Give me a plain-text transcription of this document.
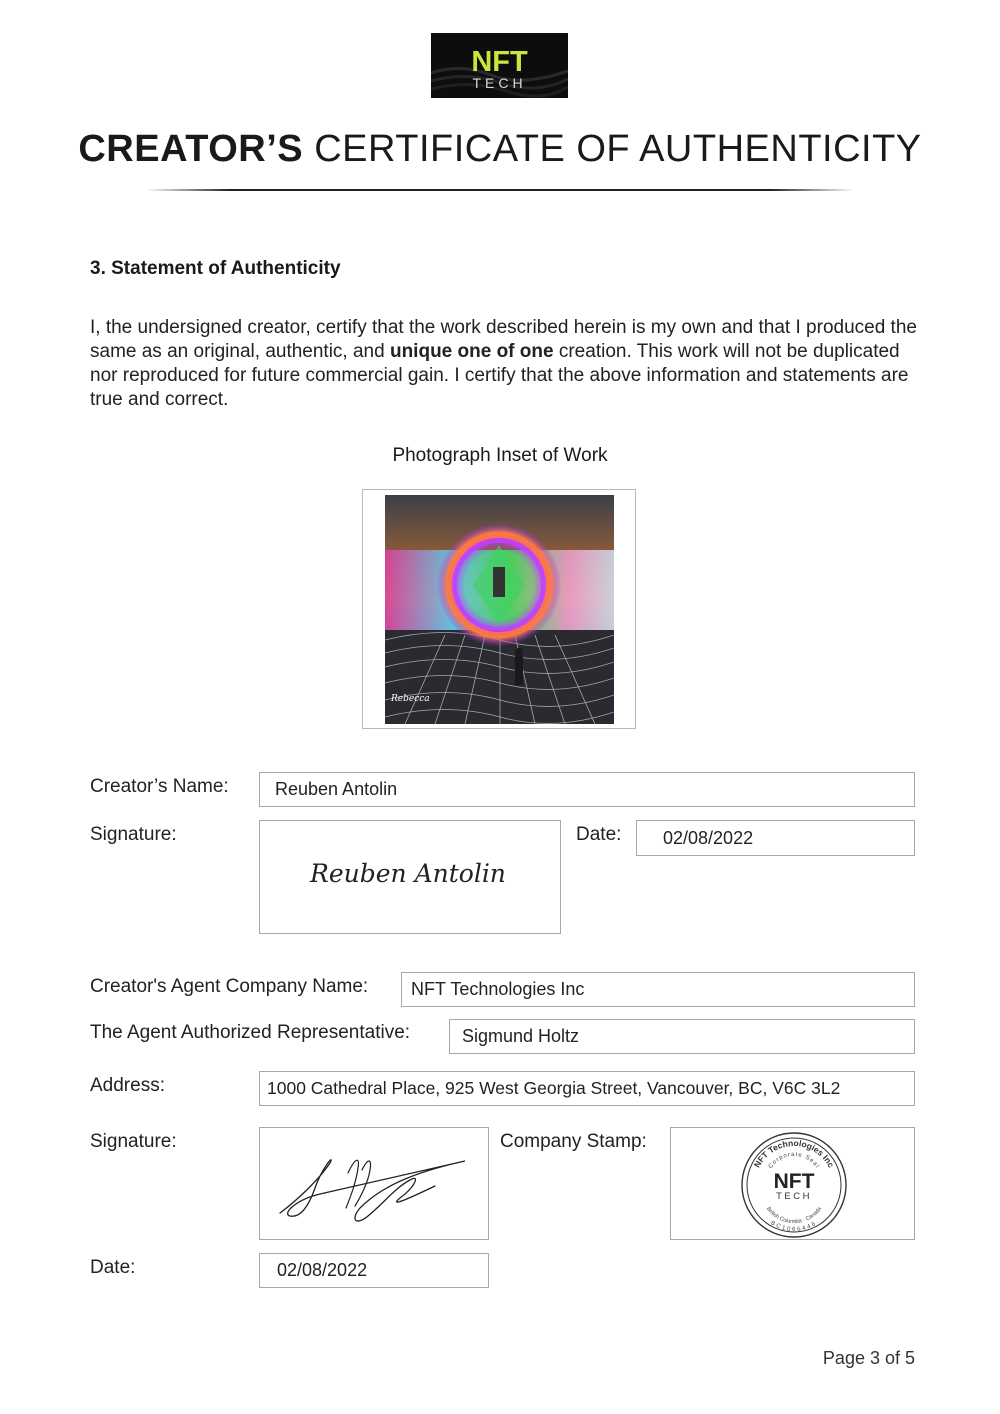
NFT
TECH
CREATOR’S CERTIFICATE OF AUTHENTICITY
3. Statement of Authenticity
I, the undersigned creator, certify that the work described herein is my own and that I produced the same as an original, authentic, and unique one of one creation. This work will not be duplicated nor reproduced for future commercial gain. I certify that the above information and statements are true and correct.
Photograph Inset of Work
Rebecca
Creator’s Name:	Reuben Antolin
Signature:
Reuben Antolin
Date: 02/08/2022
Creator's Agent Company Name: NFT Technologies Inc
The Agent Authorized Representative:	Sigmund Holtz
Address:	1000 Cathedral Place, 925 West Georgia Street, Vancouver, BC, V6C 3L2
Signature:	Company Stamp:
NFT Technologies Inc
Corporate Seal
British Columbia · Canada
BC1066446
NFT
TECH
Date:	02/08/2022
Page 3 of 5
